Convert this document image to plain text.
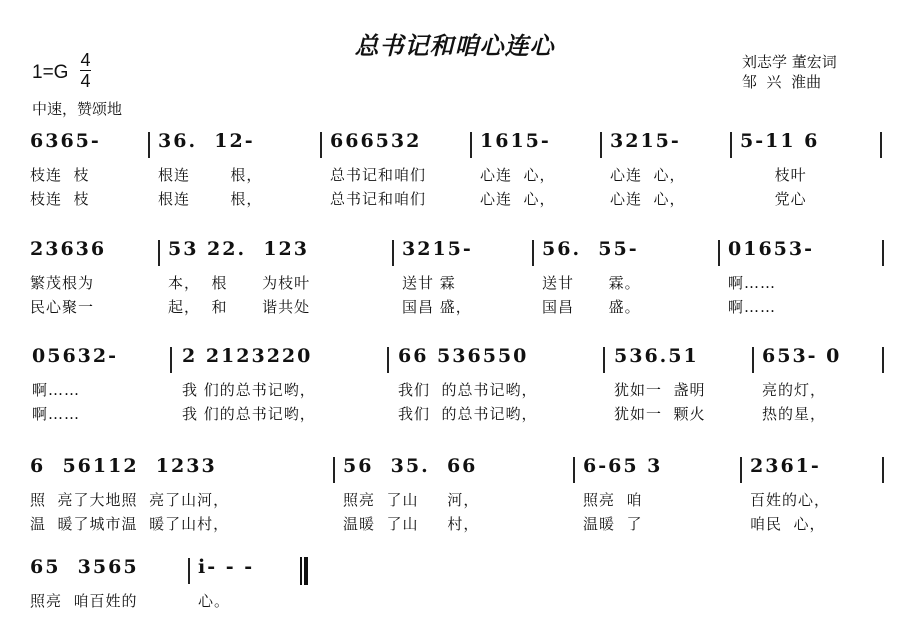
总书记和咱心连心
1=G
4
4
中速，赞颂地
刘志学 董宏词
邹  兴  淮曲
6365-
枝连  枝
枝连  枝
36.  12-
根连       根，
根连       根，
666532
总书记和咱们
总书记和咱们
1615-
心连  心，
心连  心，
3215-
心连  心，
心连  心，
5-11 6
枝叶
党心
23636
繁茂根为
民心聚一
53 22.  123
本，  根      为枝叶
起，  和      谐共处
3215-
送甘 霖
国昌 盛，
56.  55-
送甘      霖。
国昌      盛。
01653-
啊……
啊……
05632-
啊……
啊……
2 2123220
我 们的总书记哟，
我 们的总书记哟，
66 536550
我们  的总书记哟，
我们  的总书记哟，
536.51
犹如一  盏明
犹如一  颗火
653- 0
亮的灯，
热的星，
6  56112  1233
照  亮了大地照  亮了山河，
温  暖了城市温  暖了山村，
56  35.  66
照亮  了山     河，
温暖  了山     村，
6-65 3
照亮  咱
温暖  了
2361-
百姓的心，
咱民  心，
65  3565
照亮  咱百姓的
i- - -
心。
